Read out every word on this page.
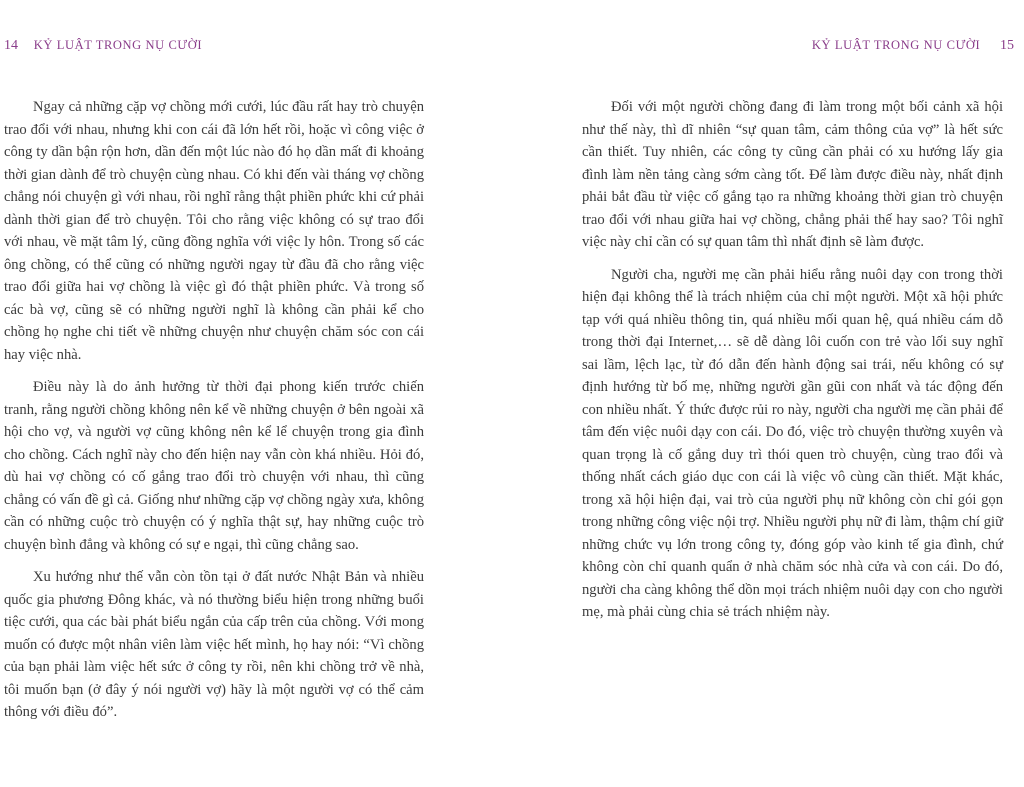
14 KỶ LUẬT TRONG NỤ CƯỜI

Ngay cả những cặp vợ chồng mới cưới, lúc đầu rất hay trò chuyện trao đổi với nhau, nhưng khi con cái đã lớn hết rồi, hoặc vì công việc ở công ty dần bận rộn hơn, dần đến một lúc nào đó họ dần mất đi khoảng thời gian dành để trò chuyện cùng nhau. Có khi đến vài tháng vợ chồng chẳng nói chuyện gì với nhau, rồi nghĩ rằng thật phiền phức khi cứ phải dành thời gian để trò chuyện. Tôi cho rằng việc không có sự trao đổi với nhau, về mặt tâm lý, cũng đồng nghĩa với việc ly hôn. Trong số các ông chồng, có thể cũng có những người ngay từ đầu đã cho rằng việc trao đổi giữa hai vợ chồng là việc gì đó thật phiền phức. Và trong số các bà vợ, cũng sẽ có những người nghĩ là không cần phải kể cho chồng họ nghe chi tiết về những chuyện như chuyện chăm sóc con cái hay việc nhà.

Điều này là do ảnh hưởng từ thời đại phong kiến trước chiến tranh, rằng người chồng không nên kể về những chuyện ở bên ngoài xã hội cho vợ, và người vợ cũng không nên kể lể chuyện trong gia đình cho chồng. Cách nghĩ này cho đến hiện nay vẫn còn khá nhiều. Hỏi đó, dù hai vợ chồng có cố gắng trao đổi trò chuyện với nhau, thì cũng chẳng có vấn đề gì cả. Giống như những cặp vợ chồng ngày xưa, không cần có những cuộc trò chuyện có ý nghĩa thật sự, hay những cuộc trò chuyện bình đẳng và không có sự e ngại, thì cũng chẳng sao.

Xu hướng như thế vẫn còn tồn tại ở đất nước Nhật Bản và nhiều quốc gia phương Đông khác, và nó thường biểu hiện trong những buổi tiệc cưới, qua các bài phát biểu ngắn của cấp trên của chồng. Với mong muốn có được một nhân viên làm việc hết mình, họ hay nói: “Vì chồng của bạn phải làm việc hết sức ở công ty rồi, nên khi chồng trở về nhà, tôi muốn bạn (ở đây ý nói người vợ) hãy là một người vợ có thể cảm thông với điều đó”.

KỶ LUẬT TRONG NỤ CƯỜI 15

Đối với một người chồng đang đi làm trong một bối cảnh xã hội như thế này, thì dĩ nhiên “sự quan tâm, cảm thông của vợ” là hết sức cần thiết. Tuy nhiên, các công ty cũng cần phải có xu hướng lấy gia đình làm nền tảng càng sớm càng tốt. Để làm được điều này, nhất định phải bắt đầu từ việc cố gắng tạo ra những khoảng thời gian trò chuyện trao đổi với nhau giữa hai vợ chồng, chẳng phải thế hay sao? Tôi nghĩ việc này chỉ cần có sự quan tâm thì nhất định sẽ làm được.

Người cha, người mẹ cần phải hiểu rằng nuôi dạy con trong thời hiện đại không thể là trách nhiệm của chỉ một người. Một xã hội phức tạp với quá nhiều thông tin, quá nhiều mối quan hệ, quá nhiều cám dỗ trong thời đại Internet,… sẽ dễ dàng lôi cuốn con trẻ vào lối suy nghĩ sai lầm, lệch lạc, từ đó dẫn đến hành động sai trái, nếu không có sự định hướng từ bố mẹ, những người gần gũi con nhất và tác động đến con nhiều nhất. Ý thức được rủi ro này, người cha người mẹ cần phải để tâm đến việc nuôi dạy con cái. Do đó, việc trò chuyện thường xuyên và quan trọng là cố gắng duy trì thói quen trò chuyện, cùng trao đổi và thống nhất cách giáo dục con cái là việc vô cùng cần thiết. Mặt khác, trong xã hội hiện đại, vai trò của người phụ nữ không còn chỉ gói gọn trong những công việc nội trợ. Nhiều người phụ nữ đi làm, thậm chí giữ những chức vụ lớn trong công ty, đóng góp vào kinh tế gia đình, chứ không còn chỉ quanh quẩn ở nhà chăm sóc nhà cửa và con cái. Do đó, người cha càng không thể dồn mọi trách nhiệm nuôi dạy con cho người mẹ, mà phải cùng chia sẻ trách nhiệm này.
